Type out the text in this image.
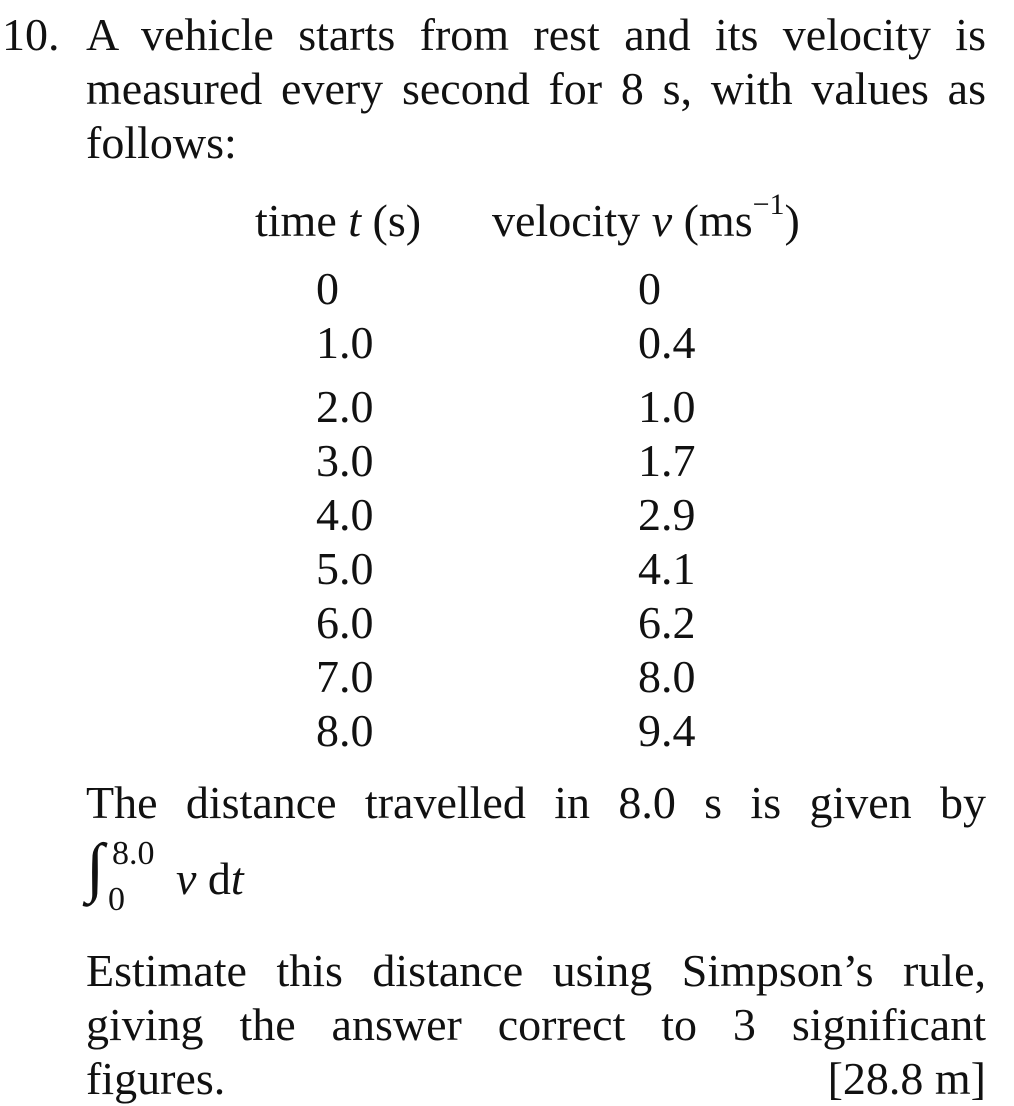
10. A vehicle starts from rest and its velocity is
measured every second for 8 s, with values as
follows:
time t (s) velocity v $(ms^{-1})$
0	0
1.0	0.4
2.0	1.0
3.0	1.7
4.0	2.9
5.0	4.1
6.0	6.2
7.0	8.0
8.0	9.4
The distance travelled in 8.0 s is given by
∫ 8.0
0 v dt
Estimate this distance using Simpson’s rule,
giving the answer correct to 3 significant
figures.	[28.8 m]
